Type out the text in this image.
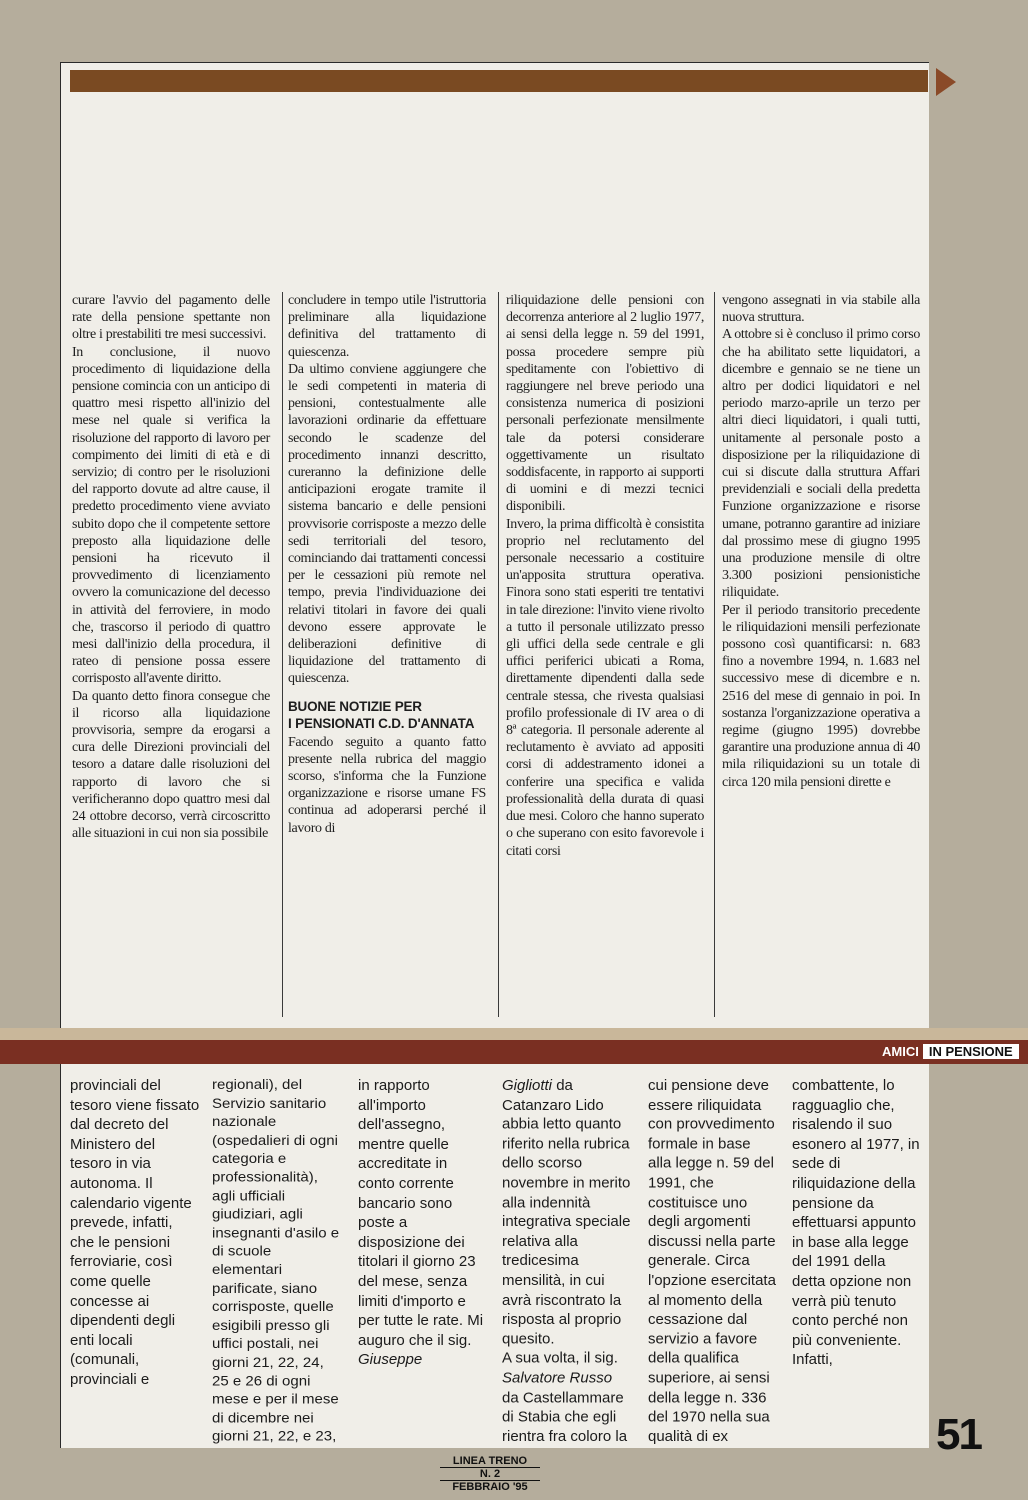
curare l'avvio del pagamento delle rate della pensione spettante non oltre i prestabiliti tre mesi successivi.

In conclusione, il nuovo procedimento di liquidazione della pensione comincia con un anticipo di quattro mesi rispetto all'inizio del mese nel quale si verifica la risoluzione del rapporto di lavoro per compimento dei limiti di età e di servizio; di contro per le risoluzioni del rapporto dovute ad altre cause, il predetto procedimento viene avviato subito dopo che il competente settore preposto alla liquidazione delle pensioni ha ricevuto il provvedimento di licenziamento ovvero la comunicazione del decesso in attività del ferroviere, in modo che, trascorso il periodo di quattro mesi dall'inizio della procedura, il rateo di pensione possa essere corrisposto all'avente diritto.

Da quanto detto finora consegue che il ricorso alla liquidazione provvisoria, sempre da erogarsi a cura delle Direzioni provinciali del tesoro a datare dalle risoluzioni del rapporto di lavoro che si verificheranno dopo quattro mesi dal 24 ottobre decorso, verrà circoscritto alle situazioni in cui non sia possibile

concludere in tempo utile l'istruttoria preliminare alla liquidazione definitiva del trattamento di quiescenza.

Da ultimo conviene aggiungere che le sedi competenti in materia di pensioni, contestualmente alle lavorazioni ordinarie da effettuare secondo le scadenze del procedimento innanzi descritto, cureranno la definizione delle anticipazioni erogate tramite il sistema bancario e delle pensioni provvisorie corrisposte a mezzo delle sedi territoriali del tesoro, cominciando dai trattamenti concessi per le cessazioni più remote nel tempo, previa l'individuazione dei relativi titolari in favore dei quali devono essere approvate le deliberazioni definitive di liquidazione del trattamento di quiescenza.

BUONE NOTIZIE PER
I PENSIONATI C.D. D'ANNATA

Facendo seguito a quanto fatto presente nella rubrica del maggio scorso, s'informa che la Funzione organizzazione e risorse umane FS continua ad adoperarsi perché il lavoro di

riliquidazione delle pensioni con decorrenza anteriore al 2 luglio 1977, ai sensi della legge n. 59 del 1991, possa procedere sempre più speditamente con l'obiettivo di raggiungere nel breve periodo una consistenza numerica di posizioni personali perfezionate mensilmente tale da potersi considerare oggettivamente un risultato soddisfacente, in rapporto ai supporti di uomini e di mezzi tecnici disponibili.

Invero, la prima difficoltà è consistita proprio nel reclutamento del personale necessario a costituire un'apposita struttura operativa. Finora sono stati esperiti tre tentativi in tale direzione: l'invito viene rivolto a tutto il personale utilizzato presso gli uffici della sede centrale e gli uffici periferici ubicati a Roma, direttamente dipendenti dalla sede centrale stessa, che rivesta qualsiasi profilo professionale di IV area o di 8ª categoria. Il personale aderente al reclutamento è avviato ad appositi corsi di addestramento idonei a conferire una specifica e valida professionalità della durata di quasi due mesi. Coloro che hanno superato o che superano con esito favorevole i citati corsi

vengono assegnati in via stabile alla nuova struttura.

A ottobre si è concluso il primo corso che ha abilitato sette liquidatori, a dicembre e gennaio se ne tiene un altro per dodici liquidatori e nel periodo marzo-aprile un terzo per altri dieci liquidatori, i quali tutti, unitamente al personale posto a disposizione per la riliquidazione di cui si discute dalla struttura Affari previdenziali e sociali della predetta Funzione organizzazione e risorse umane, potranno garantire ad iniziare dal prossimo mese di giugno 1995 una produzione mensile di oltre 3.300 posizioni pensionistiche riliquidate.

Per il periodo transitorio precedente le riliquidazioni mensili perfezionate possono così quantificarsi: n. 683 fino a novembre 1994, n. 1.683 nel successivo mese di dicembre e n. 2516 del mese di gennaio in poi. In sostanza l'organizzazione operativa a regime (giugno 1995) dovrebbe garantire una produzione annua di 40 mila riliquidazioni su un totale di circa 120 mila pensioni dirette e

AMICI IN PENSIONE
provinciali del tesoro viene fissato dal decreto del Ministero del tesoro in via autonoma. Il calendario vigente prevede, infatti, che le pensioni ferroviarie, così come quelle concesse ai dipendenti degli enti locali (comunali, provinciali e
regionali), del Servizio sanitario nazionale (ospedalieri di ogni categoria e professionalità), agli ufficiali giudiziari, agli insegnanti d'asilo e di scuole elementari parificate, siano corrisposte, quelle esigibili presso gli uffici postali, nei giorni 21, 22, 24, 25 e 26 di ogni mese e per il mese di dicembre nei giorni 21, 22, e 23,
in rapporto all'importo dell'assegno, mentre quelle accreditate in conto corrente bancario sono poste a disposizione dei titolari il giorno 23 del mese, senza limiti d'importo e per tutte le rate. Mi auguro che il sig. Giuseppe
Gigliotti da Catanzaro Lido abbia letto quanto riferito nella rubrica dello scorso novembre in merito alla indennità integrativa speciale relativa alla tredicesima mensilità, in cui avrà riscontrato la risposta al proprio quesito.
A sua volta, il sig. Salvatore Russo da Castellammare di Stabia che egli rientra fra coloro la
cui pensione deve essere riliquidata con provvedimento formale in base alla legge n. 59 del 1991, che costituisce uno degli argomenti discussi nella parte generale. Circa l'opzione esercitata al momento della cessazione dal servizio a favore della qualifica superiore, ai sensi della legge n. 336 del 1970 nella sua qualità di ex
combattente, lo ragguaglio che, risalendo il suo esonero al 1977, in sede di riliquidazione della pensione da effettuarsi appunto in base alla legge del 1991 della detta opzione non verrà più tenuto conto perché non più conveniente. Infatti,
51
LINEA TRENO
N. 2
FEBBRAIO '95
